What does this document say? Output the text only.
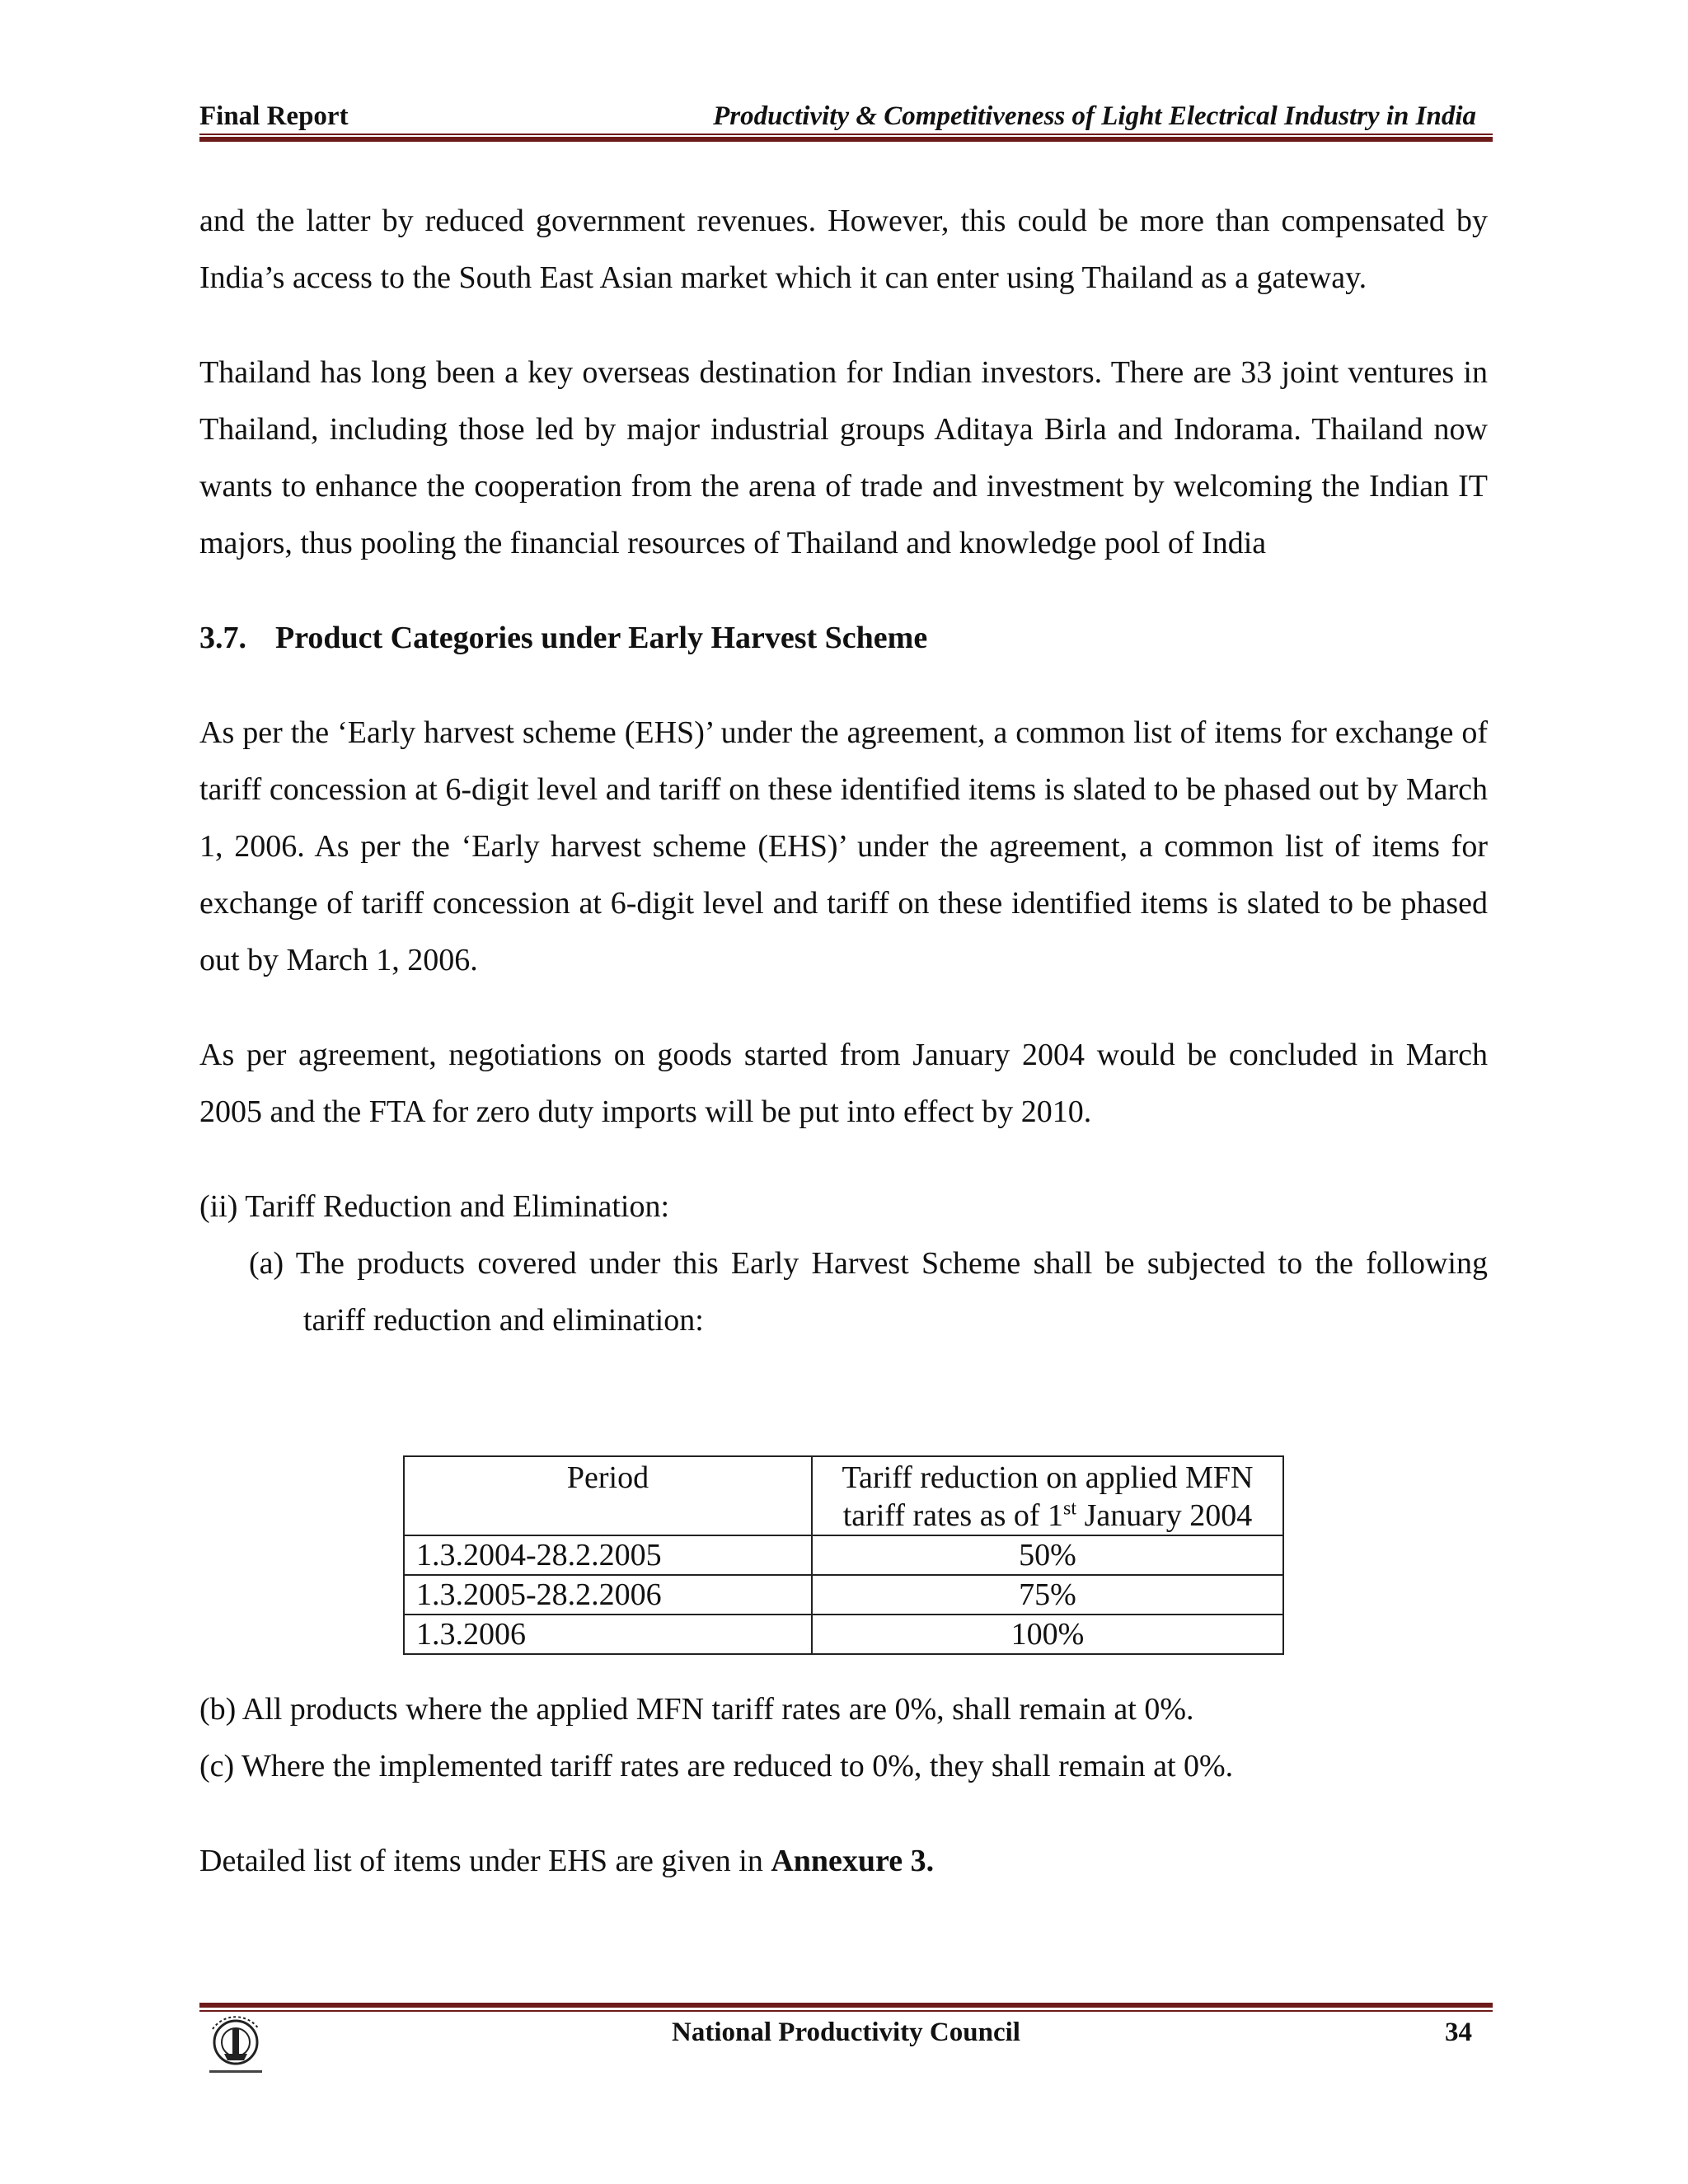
Final Report	Productivity & Competitiveness of Light Electrical Industry in India

and the latter by reduced government revenues. However, this could be more than compensated by India’s access to the South East Asian market which it can enter using Thailand as a gateway.

Thailand has long been a key overseas destination for Indian investors. There are 33 joint ventures in Thailand, including those led by major industrial groups Aditaya Birla and Indorama. Thailand now wants to enhance the cooperation from the arena of trade and investment by welcoming the Indian IT majors, thus pooling the financial resources of Thailand and knowledge pool of India

3.7. Product Categories under Early Harvest Scheme

As per the ‘Early harvest scheme (EHS)’ under the agreement, a common list of items for exchange of tariff concession at 6-digit level and tariff on these identified items is slated to be phased out by March 1, 2006. As per the ‘Early harvest scheme (EHS)’ under the agreement, a common list of items for exchange of tariff concession at 6-digit level and tariff on these identified items is slated to be phased out by March 1, 2006.

As per agreement, negotiations on goods started from January 2004 would be concluded in March 2005 and the FTA for zero duty imports will be put into effect by 2010.

(ii) Tariff Reduction and Elimination:

(a) The products covered under this Early Harvest Scheme shall be subjected to the following tariff reduction and elimination:

Period	Tariff reduction on applied MFN
tariff rates as of 1st January 2004
1.3.2004-28.2.2005	50%
1.3.2005-28.2.2006	75%
1.3.2006	100%

(b) All products where the applied MFN tariff rates are 0%, shall remain at 0%.

(c) Where the implemented tariff rates are reduced to 0%, they shall remain at 0%.

Detailed list of items under EHS are given in Annexure 3.

National Productivity Council	34
